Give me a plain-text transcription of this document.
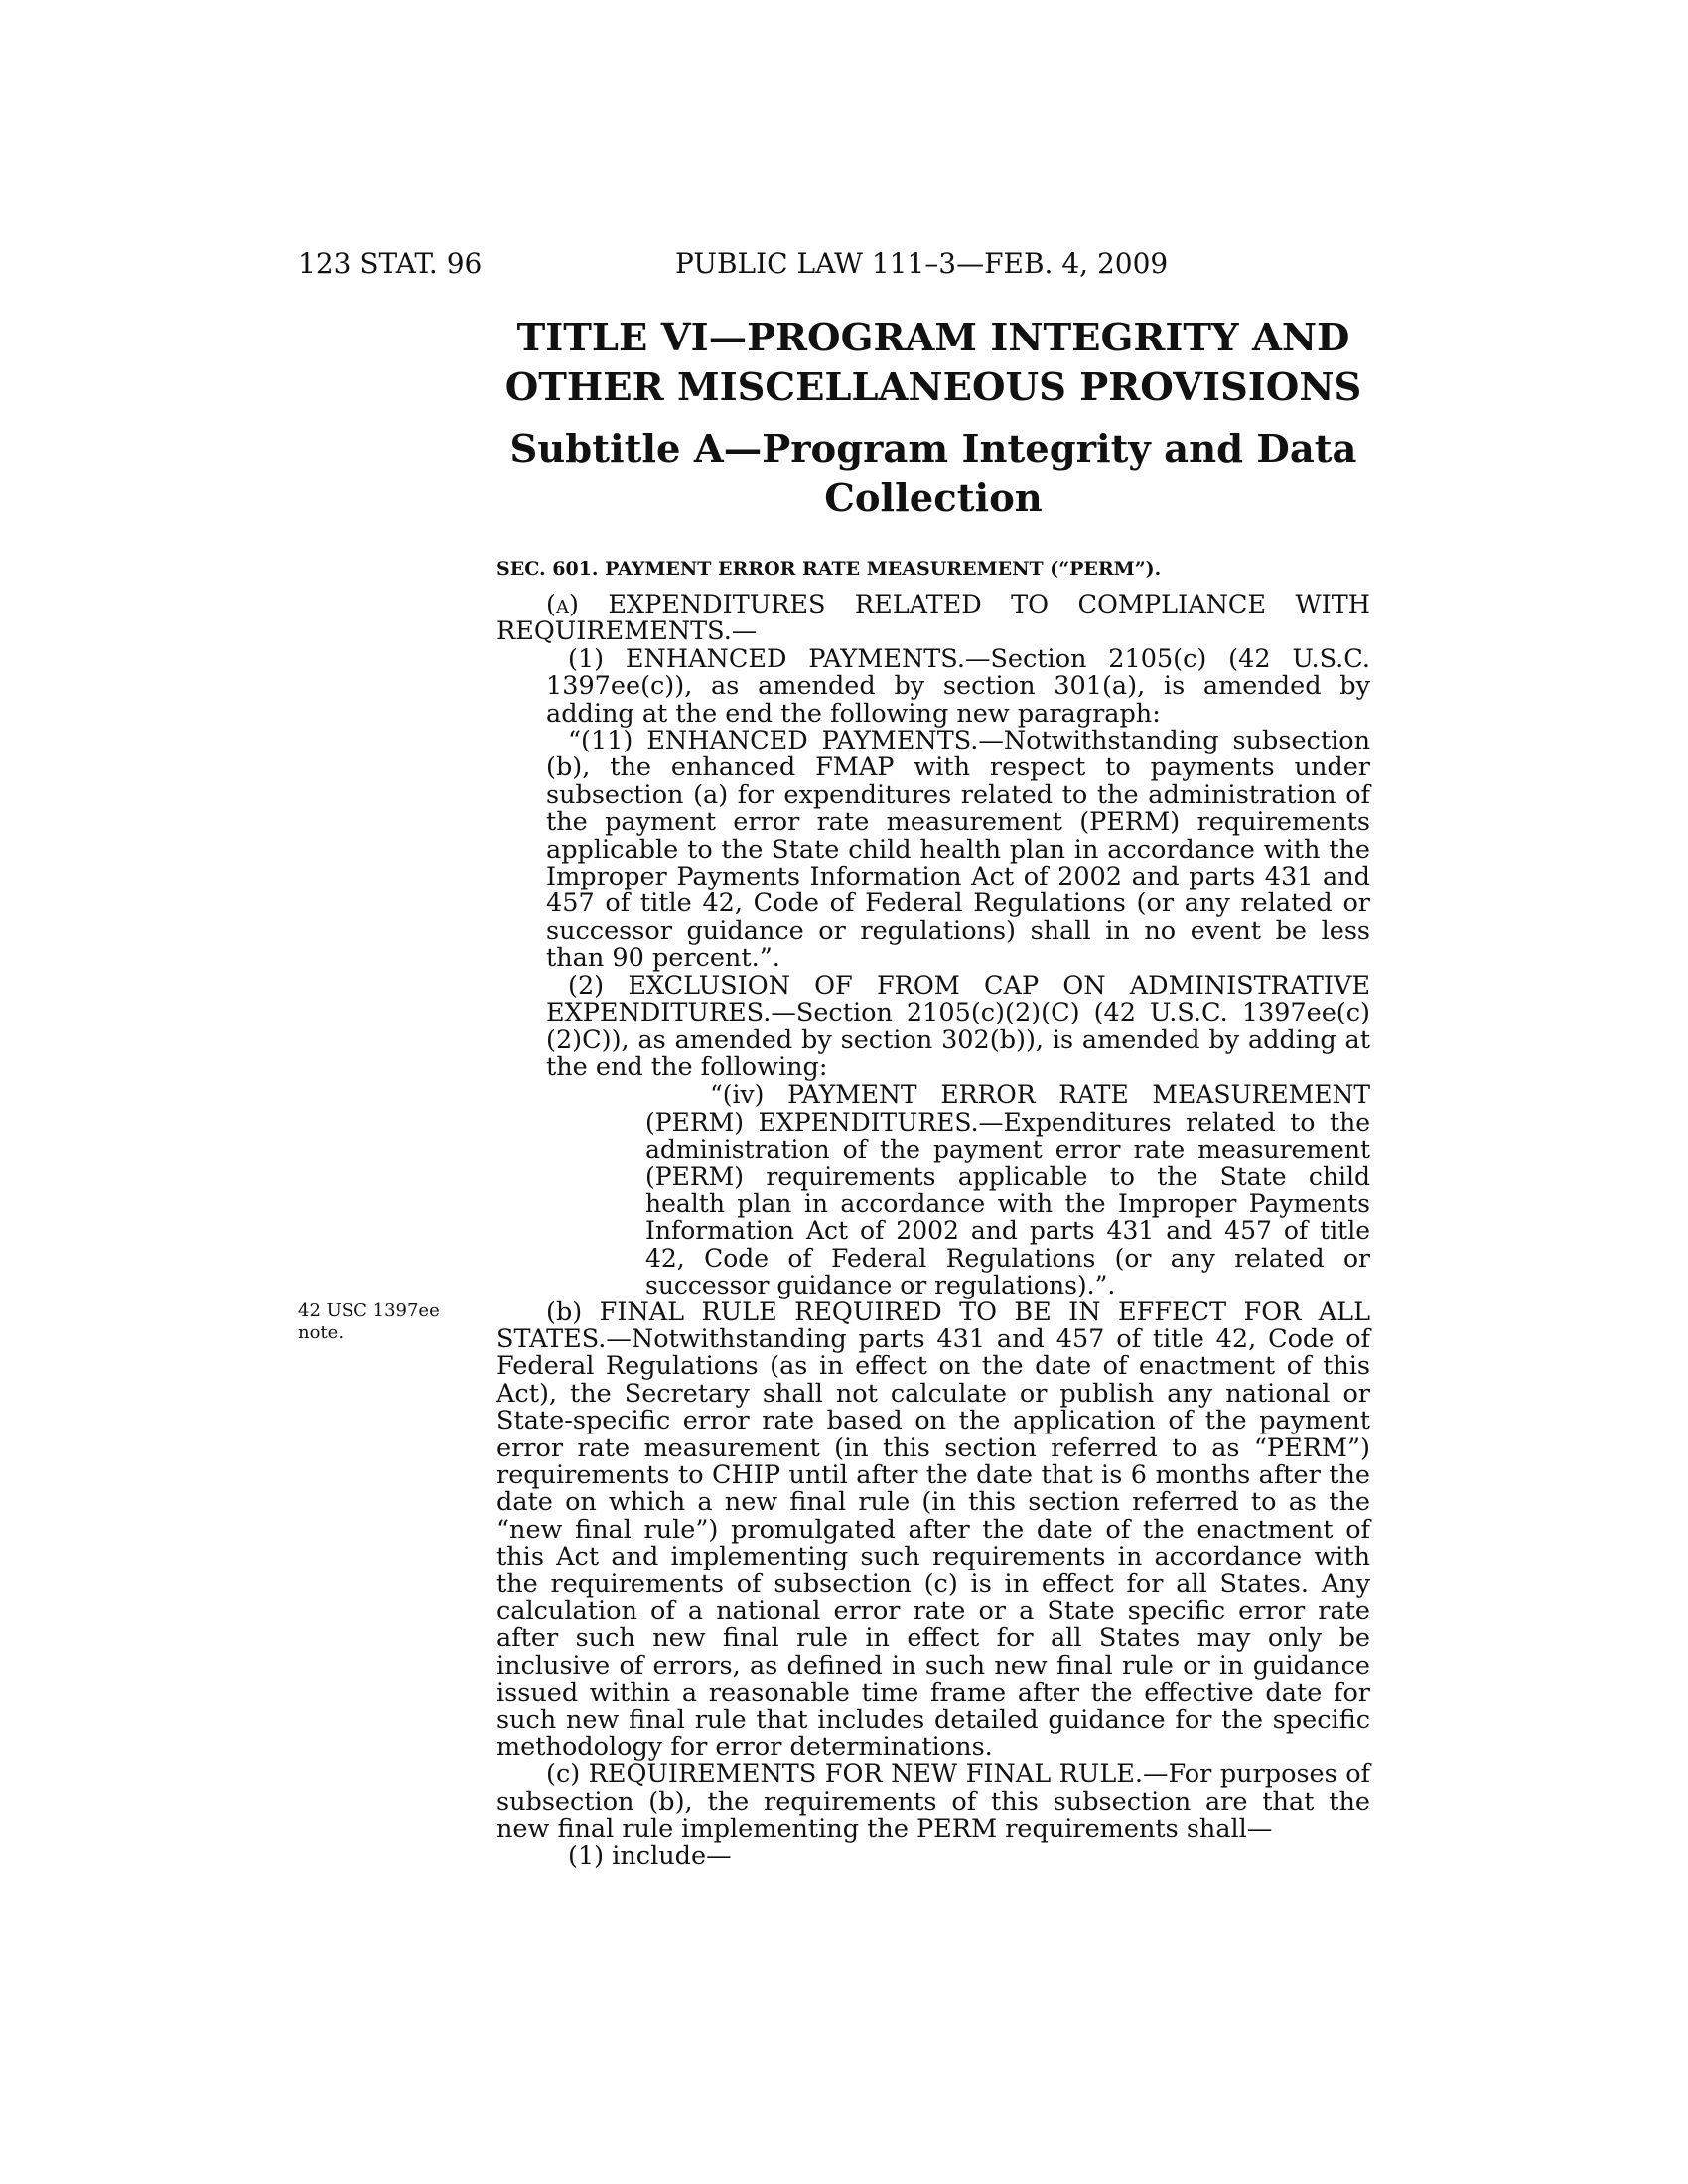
123 STAT. 96	PUBLIC LAW 111–3—FEB. 4, 2009
TITLE VI—PROGRAM INTEGRITY AND OTHER MISCELLANEOUS PROVISIONS
Subtitle A—Program Integrity and Data Collection
SEC. 601. PAYMENT ERROR RATE MEASUREMENT (“PERM”).
42 USC 1397ee note.

(a) EXPENDITURES RELATED TO COMPLIANCE WITH REQUIREMENTS.—

(1) ENHANCED PAYMENTS.—Section 2105(c) (42 U.S.C. 1397ee(c)), as amended by section 301(a), is amended by adding at the end the following new paragraph:

“(11) ENHANCED PAYMENTS.—Notwithstanding subsection (b), the enhanced FMAP with respect to payments under subsection (a) for expenditures related to the administration of the payment error rate measurement (PERM) requirements applicable to the State child health plan in accordance with the Improper Payments Information Act of 2002 and parts 431 and 457 of title 42, Code of Federal Regulations (or any related or successor guidance or regulations) shall in no event be less than 90 percent.”.

(2) EXCLUSION OF FROM CAP ON ADMINISTRATIVE EXPENDITURES.—Section 2105(c)(2)(C) (42 U.S.C. 1397ee(c)(2)C)), as amended by section 302(b)), is amended by adding at the end the following:

“(iv) PAYMENT ERROR RATE MEASUREMENT (PERM) EXPENDITURES.—Expenditures related to the administration of the payment error rate measurement (PERM) requirements applicable to the State child health plan in accordance with the Improper Payments Information Act of 2002 and parts 431 and 457 of title 42, Code of Federal Regulations (or any related or successor guidance or regulations).”.

(b) FINAL RULE REQUIRED TO BE IN EFFECT FOR ALL STATES.—Notwithstanding parts 431 and 457 of title 42, Code of Federal Regulations (as in effect on the date of enactment of this Act), the Secretary shall not calculate or publish any national or State-specific error rate based on the application of the payment error rate measurement (in this section referred to as “PERM”) requirements to CHIP until after the date that is 6 months after the date on which a new final rule (in this section referred to as the “new final rule”) promulgated after the date of the enactment of this Act and implementing such requirements in accordance with the requirements of subsection (c) is in effect for all States. Any calculation of a national error rate or a State specific error rate after such new final rule in effect for all States may only be inclusive of errors, as defined in such new final rule or in guidance issued within a reasonable time frame after the effective date for such new final rule that includes detailed guidance for the specific methodology for error determinations.

(c) REQUIREMENTS FOR NEW FINAL RULE.—For purposes of subsection (b), the requirements of this subsection are that the new final rule implementing the PERM requirements shall—

(1) include—
